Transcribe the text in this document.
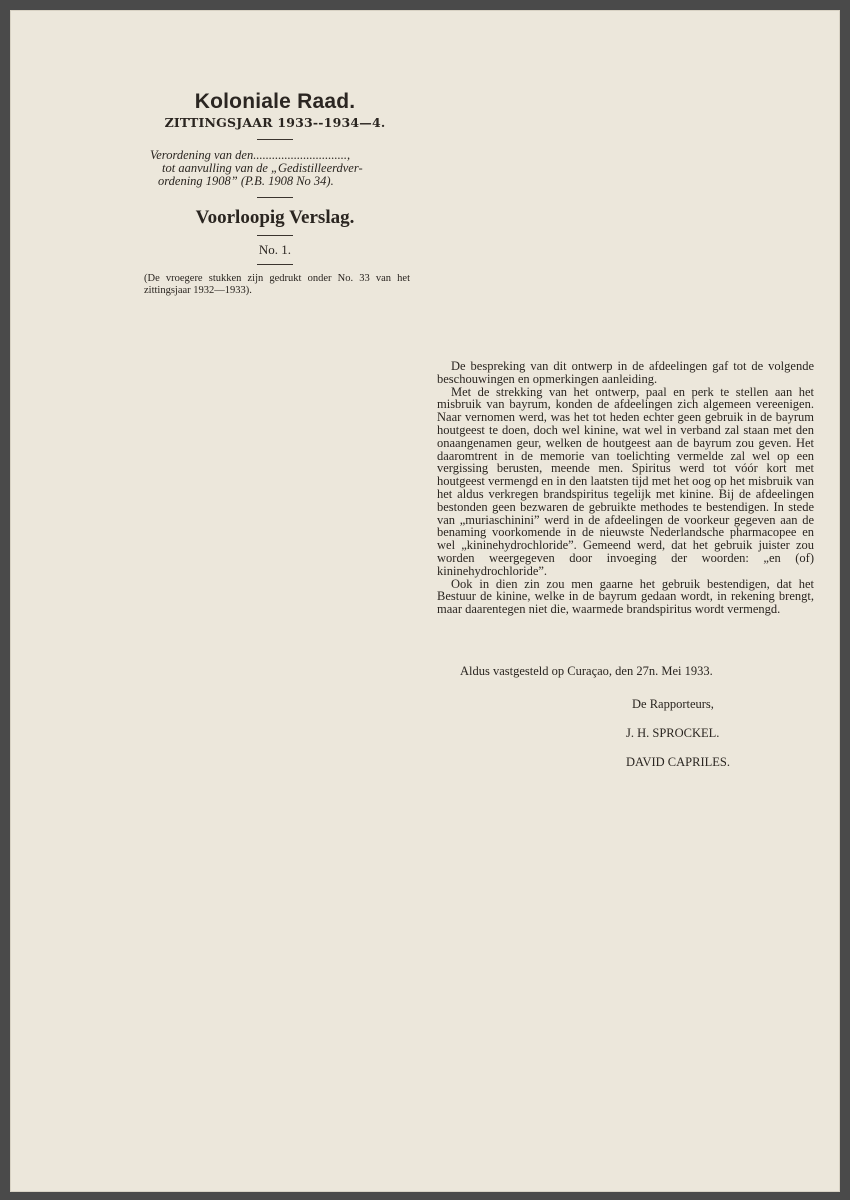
Koloniale Raad.
ZITTINGSJAAR 1933--1934—4.
Verordening van den..............................,
tot aanvulling van de „Gedistilleerdver-
ordening 1908” (P.B. 1908 No 34).
Voorloopig Verslag.
No. 1.
(De vroegere stukken zijn gedrukt onder No. 33 van het zittingsjaar 1932—1933).

De bespreking van dit ontwerp in de afdeelingen gaf tot de volgende beschouwingen en opmerkingen aanleiding.

Met de strekking van het ontwerp, paal en perk te stellen aan het misbruik van bayrum, konden de afdeelingen zich algemeen vereenigen. Naar vernomen werd, was het tot heden echter geen gebruik in de bayrum houtgeest te doen, doch wel kinine, wat wel in verband zal staan met den onaangenamen geur, welken de houtgeest aan de bayrum zou geven. Het daaromtrent in de memorie van toelichting vermelde zal wel op een vergissing berusten, meende men. Spiritus werd tot vóór kort met houtgeest vermengd en in den laatsten tijd met het oog op het misbruik van het aldus verkregen brandspiritus tegelijk met kinine. Bij de afdeelingen bestonden geen bezwaren de gebruikte methodes te bestendigen. In stede van „muriaschinini” werd in de afdeelingen de voorkeur gegeven aan de benaming voorkomende in de nieuwste Nederlandsche pharmacopee en wel „kininehydrochloride”. Gemeend werd, dat het gebruik juister zou worden weergegeven door invoeging der woorden: „en (of) kininehydrochloride”.

Ook in dien zin zou men gaarne het gebruik bestendigen, dat het Bestuur de kinine, welke in de bayrum gedaan wordt, in rekening brengt, maar daarentegen niet die, waarmede brandspiritus wordt vermengd.

Aldus vastgesteld op Curaçao, den 27n. Mei 1933.

De Rapporteurs,
J. H. SPROCKEL.
DAVID CAPRILES.
